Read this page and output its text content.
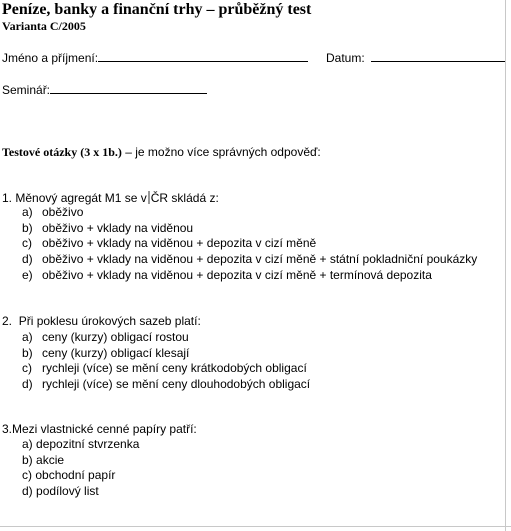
Peníze, banky a finanční trhy – průběžný test
Varianta C/2005
Jméno a příjmení:	Datum:
Seminář:
Testové otázky (3 x 1b.) – je možno více správných odpověď:
1. Měnový agregát M1 se v ČR skládá z:
a) oběživo
b) oběživo + vklady na viděnou
c) oběživo + vklady na viděnou + depozita v cizí měně
d) oběživo + vklady na viděnou + depozita v cizí měně + státní pokladniční poukázky
e) oběživo + vklady na viděnou + depozita v cizí měně + termínová depozita
2. Při poklesu úrokových sazeb platí:
a) ceny (kurzy) obligací rostou
b) ceny (kurzy) obligací klesají
c) rychleji (více) se mění ceny krátkodobých obligací
d) rychleji (více) se mění ceny dlouhodobých obligací
3.Mezi vlastnické cenné papíry patří:
a) depozitní stvrzenka
b) akcie
c) obchodní papír
d) podílový list
